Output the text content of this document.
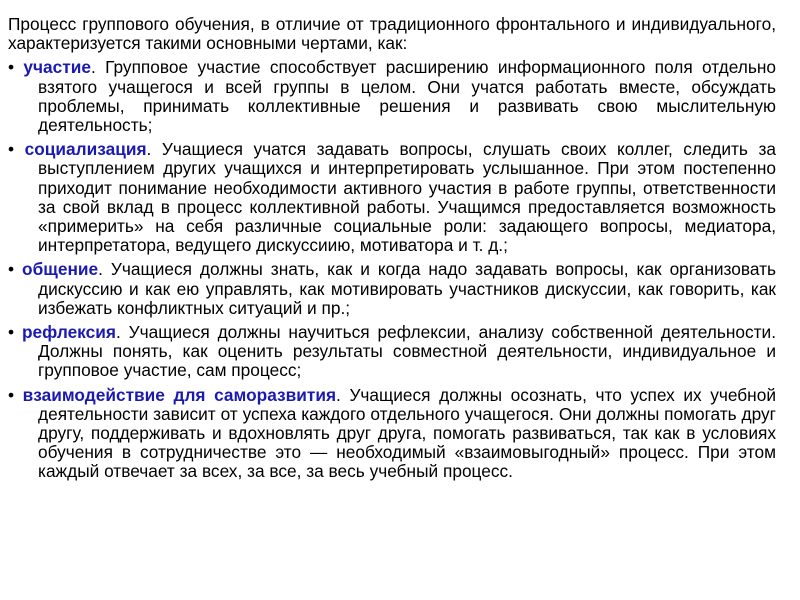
Процесс группового обучения, в отличие от традиционного фронтального и индивидуального, характеризуется такими основными чертами, как:

• участие. Групповое участие способствует расширению информационного поля отдельно взятого учащегося и всей группы в целом. Они учатся работать вместе, обсуждать проблемы, принимать коллективные решения и развивать свою мыслительную деятельность;

• социализация. Учащиеся учатся задавать вопросы, слушать своих коллег, следить за выступлением других учащихся и интерпретировать услышанное. При этом постепенно приходит понимание необходимости активного участия в работе группы, ответственности за свой вклад в процесс коллективной работы. Учащимся предоставляется возможность «примерить» на себя различные социальные роли: задающего вопросы, медиатора, интерпретатора, ведущего дискуссиию, мотиватора и т. д.;

• общение. Учащиеся должны знать, как и когда надо задавать вопросы, как организовать дискуссию и как ею управлять, как мотивировать участников дискуссии, как говорить, как избежать конфликтных ситуаций и пр.;

• рефлексия. Учащиеся должны научиться рефлексии, анализу собственной деятельности. Должны понять, как оценить результаты совместной деятельности, индивидуальное и групповое участие, сам процесс;

• взаимодействие для саморазвития. Учащиеся должны осознать, что успех их учебной деятельности зависит от успеха каждого отдельного учащегося. Они должны помогать друг другу, поддерживать и вдохновлять друг друга, помогать развиваться, так как в условиях обучения в сотрудничестве это — необходимый «взаимовыгодный» процесс. При этом каждый отвечает за всех, за все, за весь учебный процесс.
